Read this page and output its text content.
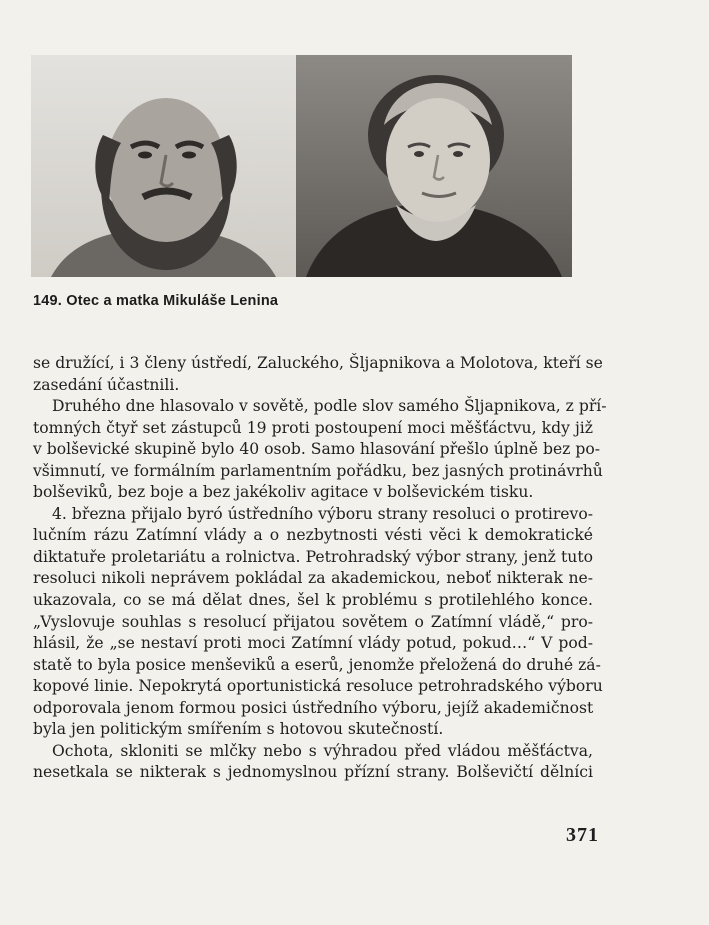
149. Otec a matka Mikuláše Lenina
se družící, i 3 členy ústředí, Zaluckého, Šljapnikova a Molotova, kteří se
zasedání účastnili.
Druhého dne hlasovalo v sovětě, podle slov samého Šljapnikova, z pří-
tomných čtyř set zástupců 19 proti postoupení moci měšťáctvu, kdy již
v bolševické skupině bylo 40 osob. Samo hlasování přešlo úplně bez po-
všimnutí, ve formálním parlamentním pořádku, bez jasných protinávrhů
bolševiků, bez boje a bez jakékoliv agitace v bolševickém tisku.
4. března přijalo byró ústředního výboru strany resoluci o protirevo-
lučním rázu Zatímní vlády a o nezbytnosti vésti věci k demokratické
diktatuře proletariátu a rolnictva. Petrohradský výbor strany, jenž tuto
resoluci nikoli neprávem pokládal za akademickou, neboť nikterak ne-
ukazovala, co se má dělat dnes, šel k problému s protilehlého konce.
„Vyslovuje souhlas s resolucí přijatou sovětem o Zatímní vládě,“ pro-
hlásil, že „se nestaví proti moci Zatímní vlády potud, pokud…“ V pod-
statě to byla posice menševiků a eserů, jenomže přeložená do druhé zá-
kopové linie. Nepokrytá oportunistická resoluce petrohradského výboru
odporovala jenom formou posici ústředního výboru, jejíž akademičnost
byla jen politickým smířením s hotovou skutečností.
Ochota, skloniti se mlčky nebo s výhradou před vládou měšťáctva,
nesetkala se nikterak s jednomyslnou přízní strany. Bolševičtí dělníci
371
